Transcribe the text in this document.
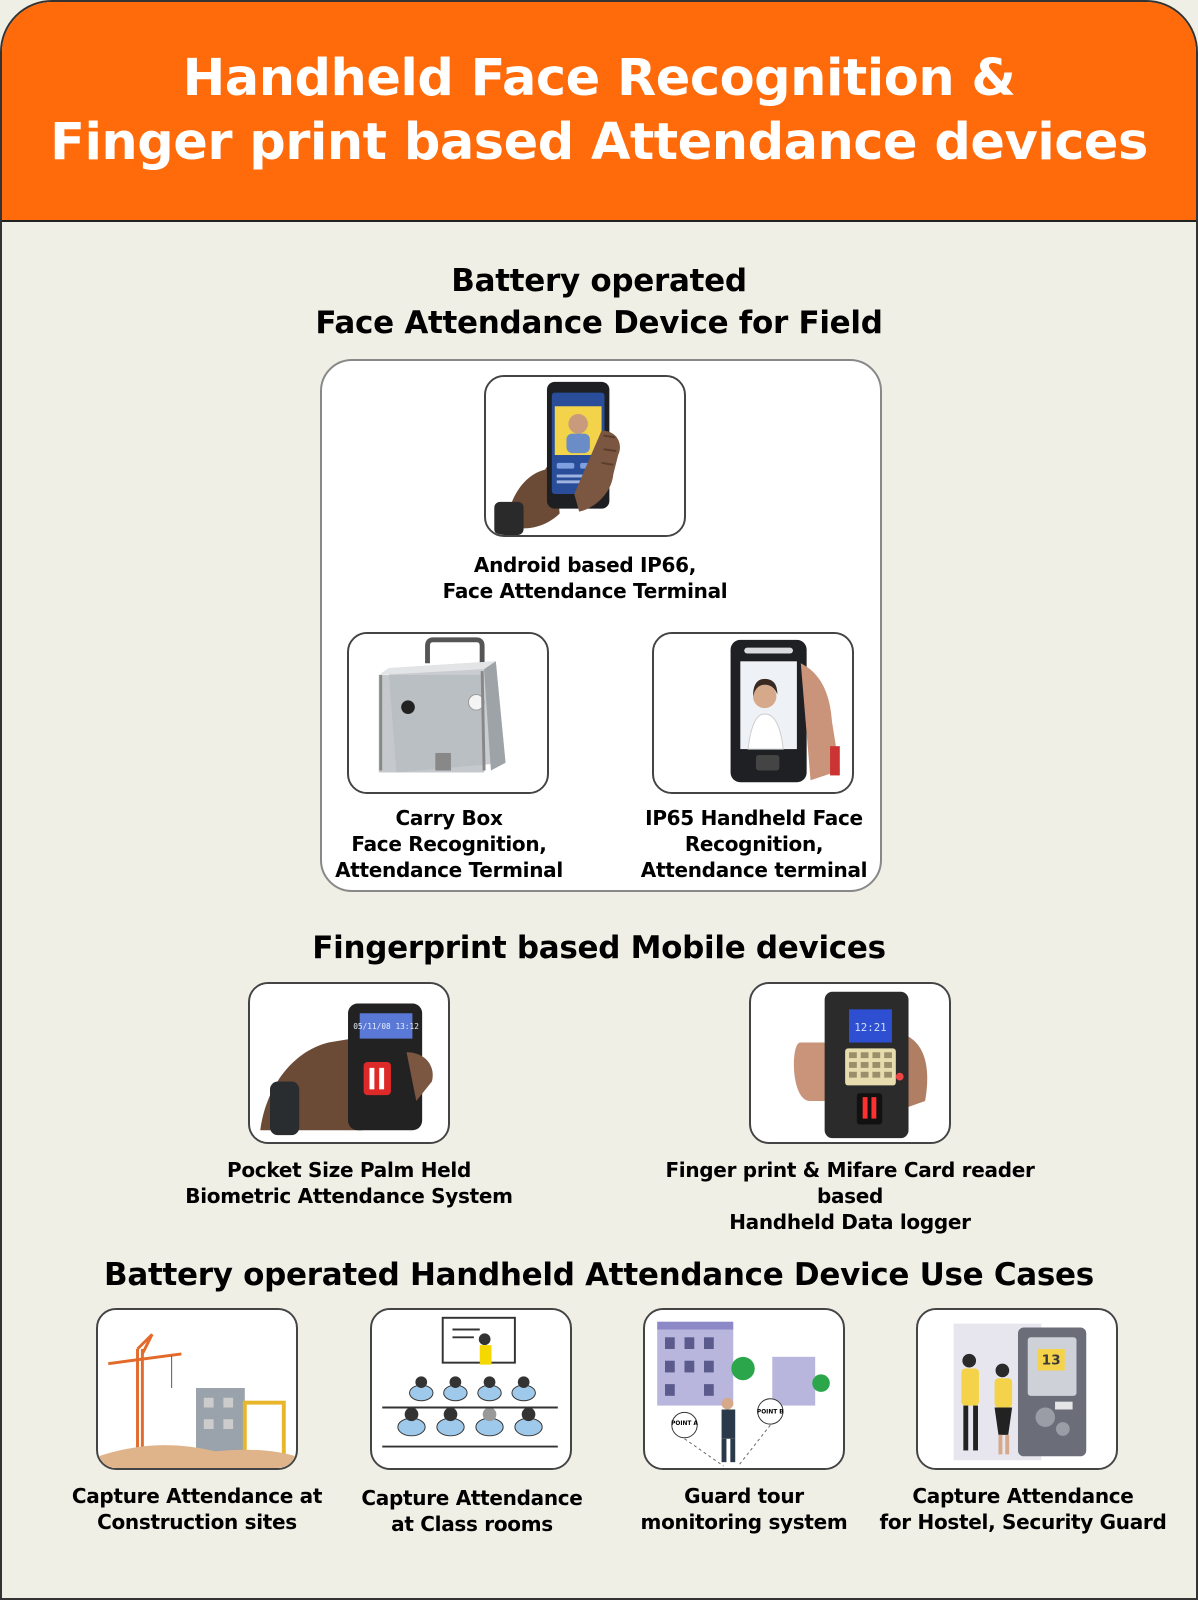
Handheld Face Recognition &
Finger print based Attendance devices
Battery operated
Face Attendance Device for Field
Android based IP66,
Face Attendance Terminal
Carry Box
Face Recognition,
Attendance Terminal
IP65 Handheld Face
Recognition,
Attendance terminal
Fingerprint based Mobile devices
05/11/08 13:12
Pocket Size Palm Held
Biometric Attendance System
12:21
Finger print & Mifare Card reader based
Handheld Data logger
Battery operated Handheld Attendance Device Use Cases
Capture Attendance at
Construction sites
Capture Attendance
at Class rooms
POINT A
POINT B
Guard tour
monitoring system
13
Capture Attendance
for Hostel, Security Guard
